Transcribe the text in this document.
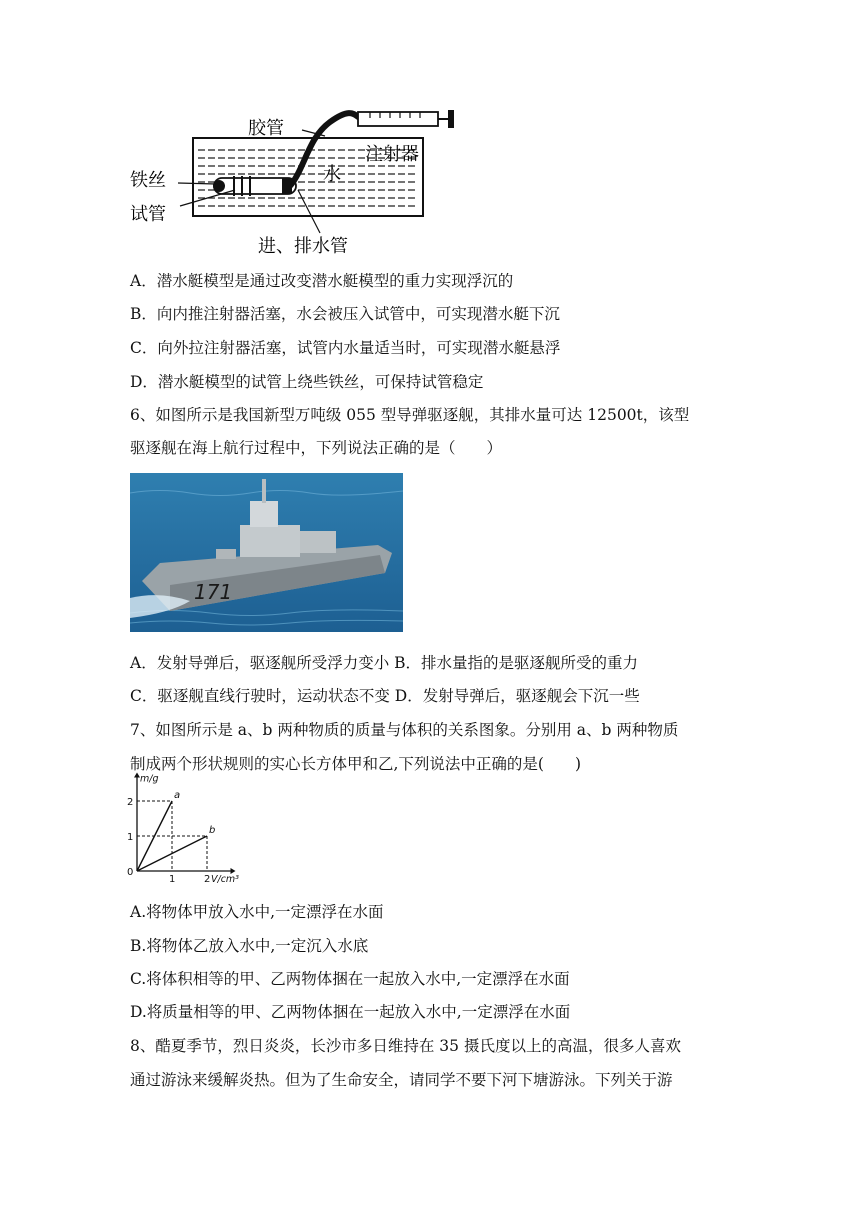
胶管
注射器
铁丝	水
试管
进、排水管
A．潜水艇模型是通过改变潜水艇模型的重力实现浮沉的
B．向内推注射器活塞，水会被压入试管中，可实现潜水艇下沉
C．向外拉注射器活塞，试管内水量适当时，可实现潜水艇悬浮
D．潜水艇模型的试管上绕些铁丝，可保持试管稳定
6、如图所示是我国新型万吨级 055 型导弹驱逐舰，其排水量可达 12500t，该型
驱逐舰在海上航行过程中，下列说法正确的是（　　）
171
A．发射导弹后，驱逐舰所受浮力变小 B．排水量指的是驱逐舰所受的重力
C．驱逐舰直线行驶时，运动状态不变 D．发射导弹后，驱逐舰会下沉一些
7、如图所示是 a、b 两种物质的质量与体积的关系图象。分别用 a、b 两种物质
制成两个形状规则的实心长方体甲和乙,下列说法中正确的是(　　)
1	2
1
2
0
V/cm³
m/g
a
b
A.将物体甲放入水中,一定漂浮在水面
B.将物体乙放入水中,一定沉入水底
C.将体积相等的甲、乙两物体捆在一起放入水中,一定漂浮在水面
D.将质量相等的甲、乙两物体捆在一起放入水中,一定漂浮在水面
8、酷夏季节，烈日炎炎，长沙市多日维持在 35 摄氏度以上的高温，很多人喜欢
通过游泳来缓解炎热。但为了生命安全，请同学不要下河下塘游泳。下列关于游
